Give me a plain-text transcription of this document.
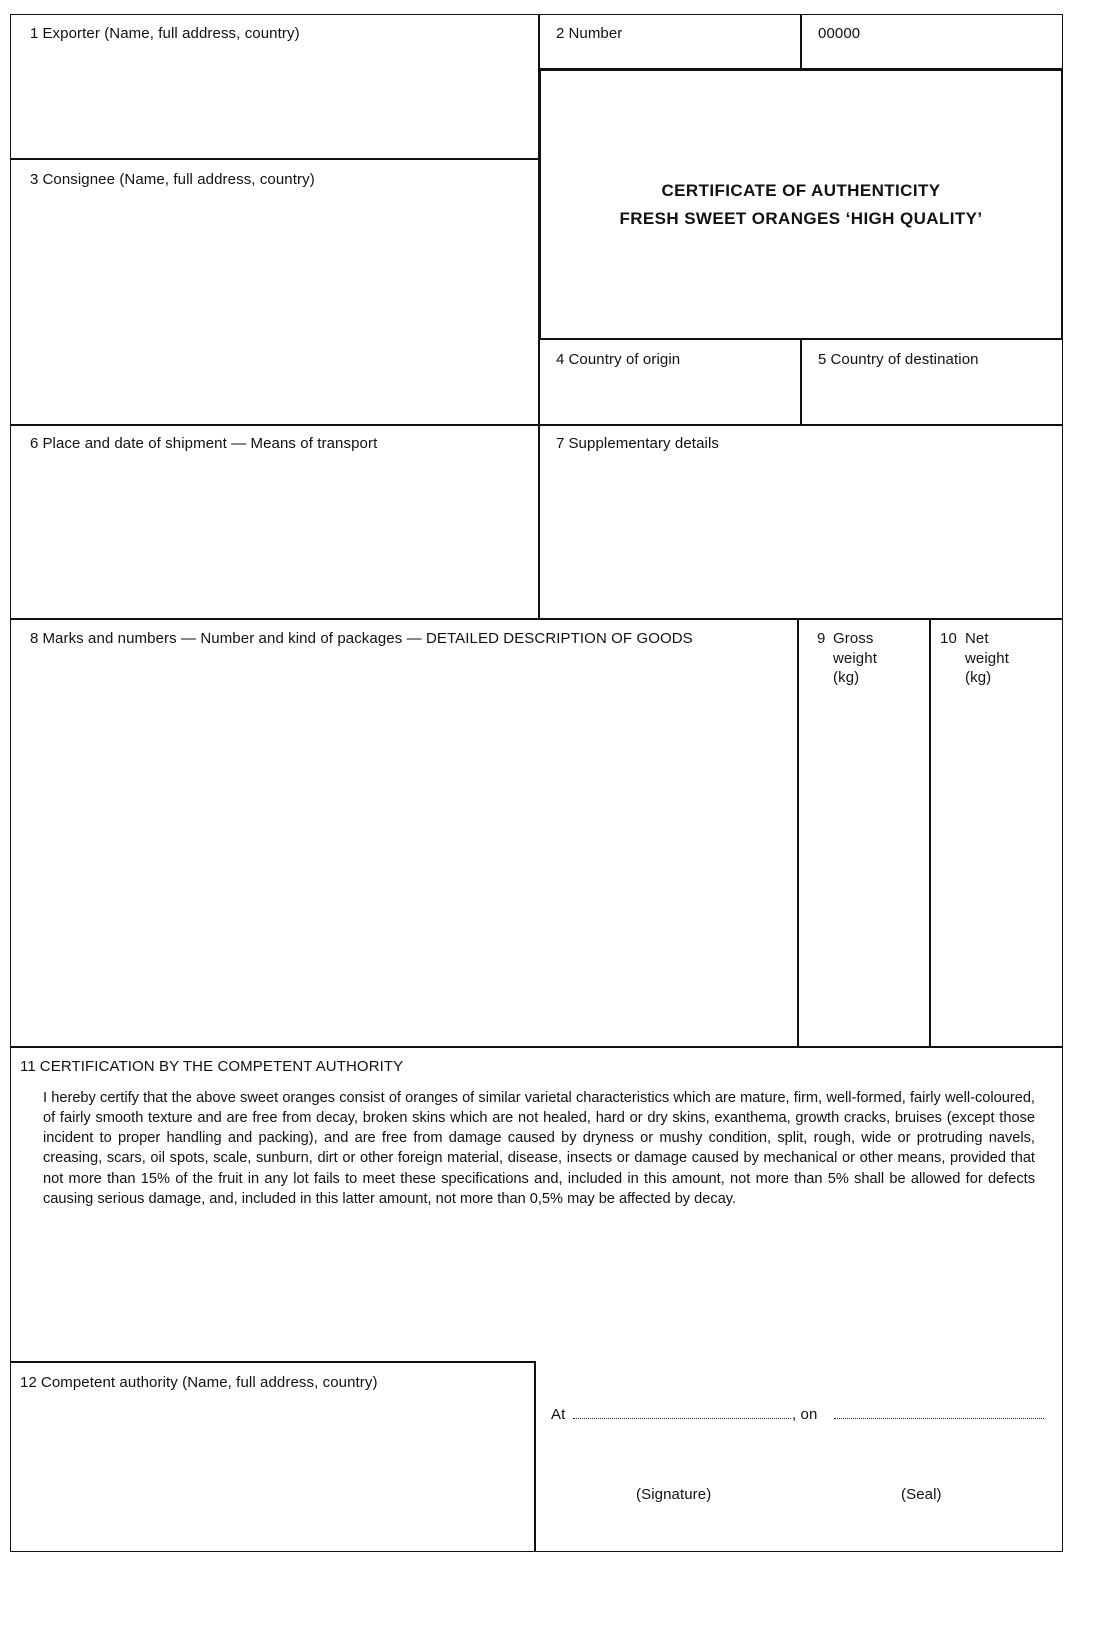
1 Exporter (Name, full address, country)	2 Number	00000
CERTIFICATE OF AUTHENTICITY
FRESH SWEET ORANGES ‘HIGH QUALITY’
3 Consignee (Name, full address, country)
4 Country of origin	5 Country of destination
6 Place and date of shipment — Means of transport	7 Supplementary details
8 Marks and numbers — Number and kind of packages — DETAILED DESCRIPTION OF GOODS	9 Gross
weight
(kg)
10 Net
weight
(kg)
11 CERTIFICATION BY THE COMPETENT AUTHORITY
I hereby certify that the above sweet oranges consist of oranges of similar varietal characteristics which are mature, firm, well-formed, fairly well-coloured, of fairly smooth texture and are free from decay, broken skins which are not healed, hard or dry skins, exanthema, growth cracks, bruises (except those incident to proper handling and packing), and are free from damage caused by dryness or mushy condition, split, rough, wide or protruding navels, creasing, scars, oil spots, scale, sunburn, dirt or other foreign material, disease, insects or damage caused by mechanical or other means, provided that not more than 15% of the fruit in any lot fails to meet these specifications and, included in this amount, not more than 5% shall be allowed for defects causing serious damage, and, included in this latter amount, not more than 0,5% may be affected by decay.
12 Competent authority (Name, full address, country)
At	, on
(Signature)	(Seal)
